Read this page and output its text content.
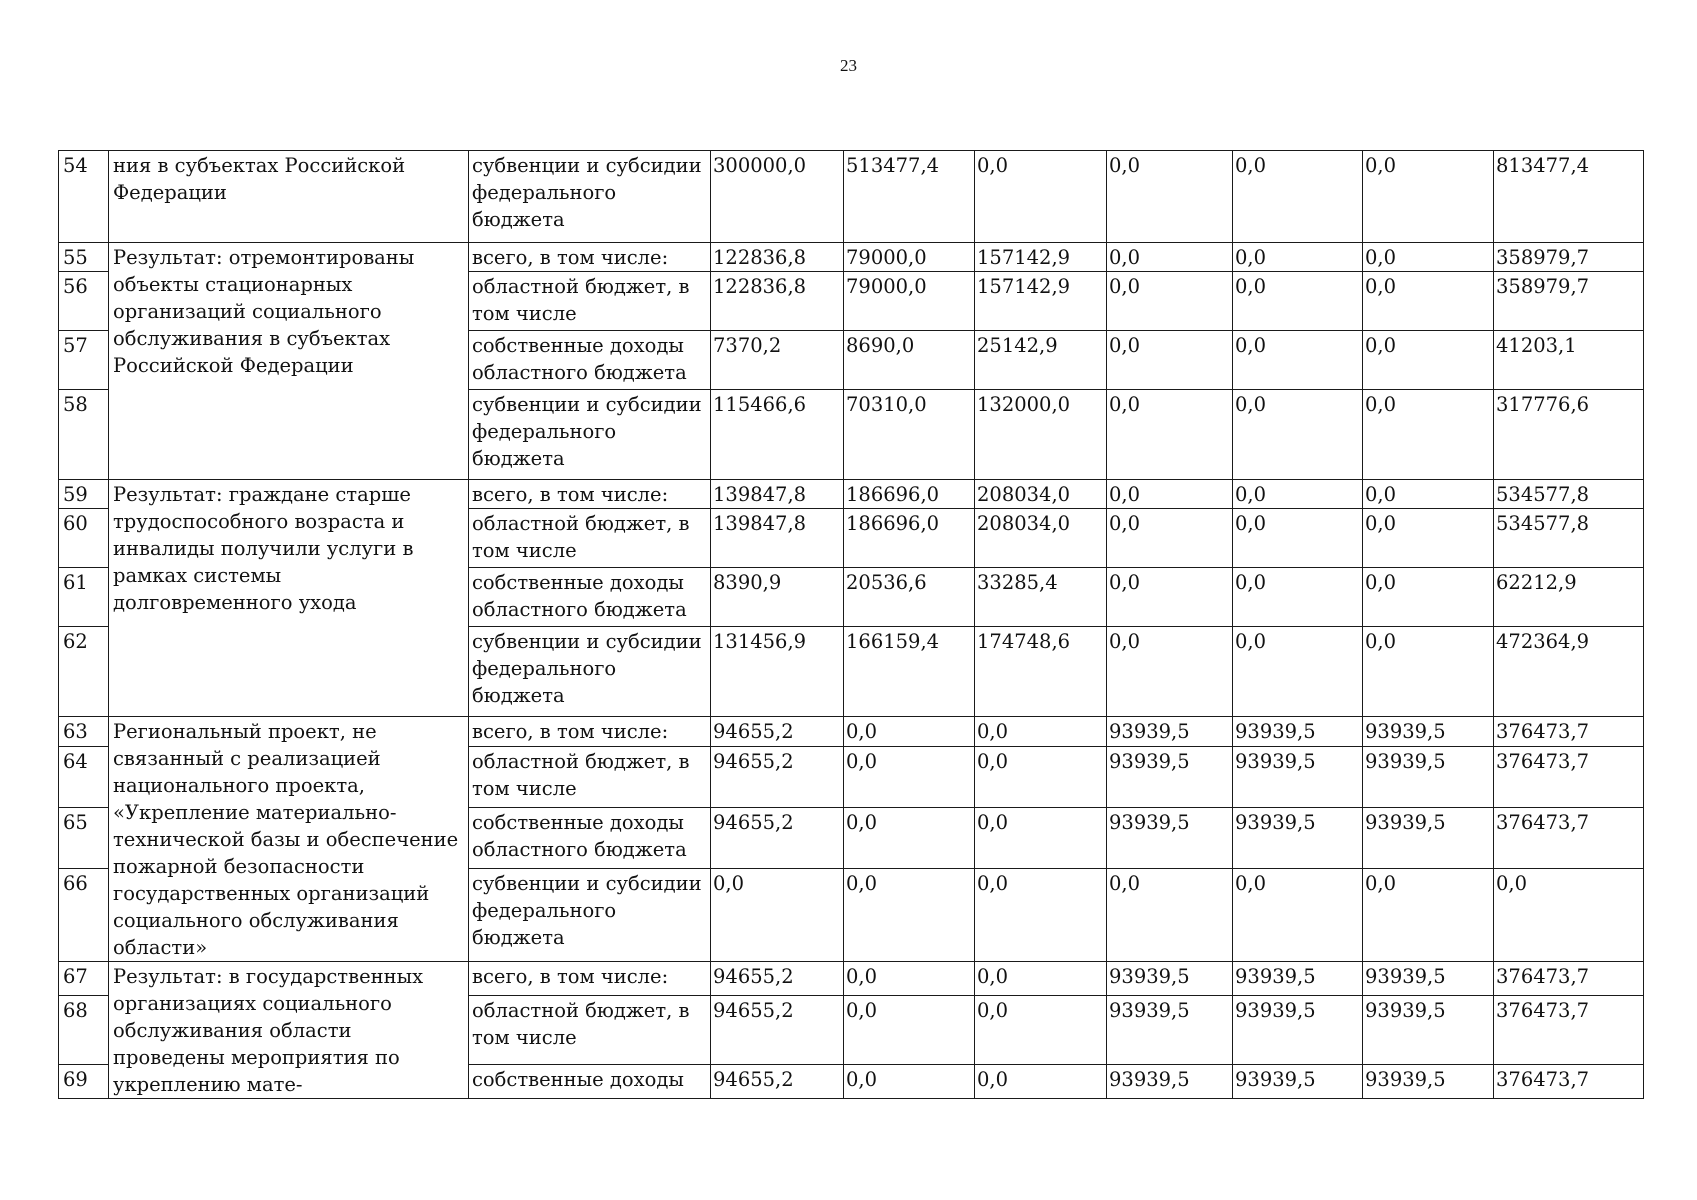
23
54	ния в субъектах Российской Федерации	субвенции и субсидии федерального бюджета	300000,0	513477,4	0,0	0,0	0,0	0,0	813477,4
55	Результат: отремонтированы объекты стационарных организаций социального обслуживания в субъектах Российской Федерации	всего, в том числе:	122836,8	79000,0	157142,9	0,0	0,0	0,0	358979,7
56		областной бюджет, в том числе	122836,8	79000,0	157142,9	0,0	0,0	0,0	358979,7
57		собственные доходы областного бюджета	7370,2	8690,0	25142,9	0,0	0,0	0,0	41203,1
58		субвенции и субсидии федерального бюджета	115466,6	70310,0	132000,0	0,0	0,0	0,0	317776,6
59	Результат: граждане старше трудоспособного возраста и инвалиды получили услуги в рамках системы долговременного ухода	всего, в том числе:	139847,8	186696,0	208034,0	0,0	0,0	0,0	534577,8
60		областной бюджет, в том числе	139847,8	186696,0	208034,0	0,0	0,0	0,0	534577,8
61		собственные доходы областного бюджета	8390,9	20536,6	33285,4	0,0	0,0	0,0	62212,9
62		субвенции и субсидии федерального бюджета	131456,9	166159,4	174748,6	0,0	0,0	0,0	472364,9
63	Региональный проект, не связанный с реализацией национального проекта, «Укрепление материально-технической базы и обеспечение пожарной безопасности государственных организаций социального обслуживания области»	всего, в том числе:	94655,2	0,0	0,0	93939,5	93939,5	93939,5	376473,7
64		областной бюджет, в том числе	94655,2	0,0	0,0	93939,5	93939,5	93939,5	376473,7
65		собственные доходы областного бюджета	94655,2	0,0	0,0	93939,5	93939,5	93939,5	376473,7
66		субвенции и субсидии федерального бюджета	0,0	0,0	0,0	0,0	0,0	0,0	0,0
67	Результат: в государственных организациях социального обслуживания области проведены мероприятия по укреплению мате-	всего, в том числе:	94655,2	0,0	0,0	93939,5	93939,5	93939,5	376473,7
68		областной бюджет, в том числе	94655,2	0,0	0,0	93939,5	93939,5	93939,5	376473,7
69		собственные доходы	94655,2	0,0	0,0	93939,5	93939,5	93939,5	376473,7
